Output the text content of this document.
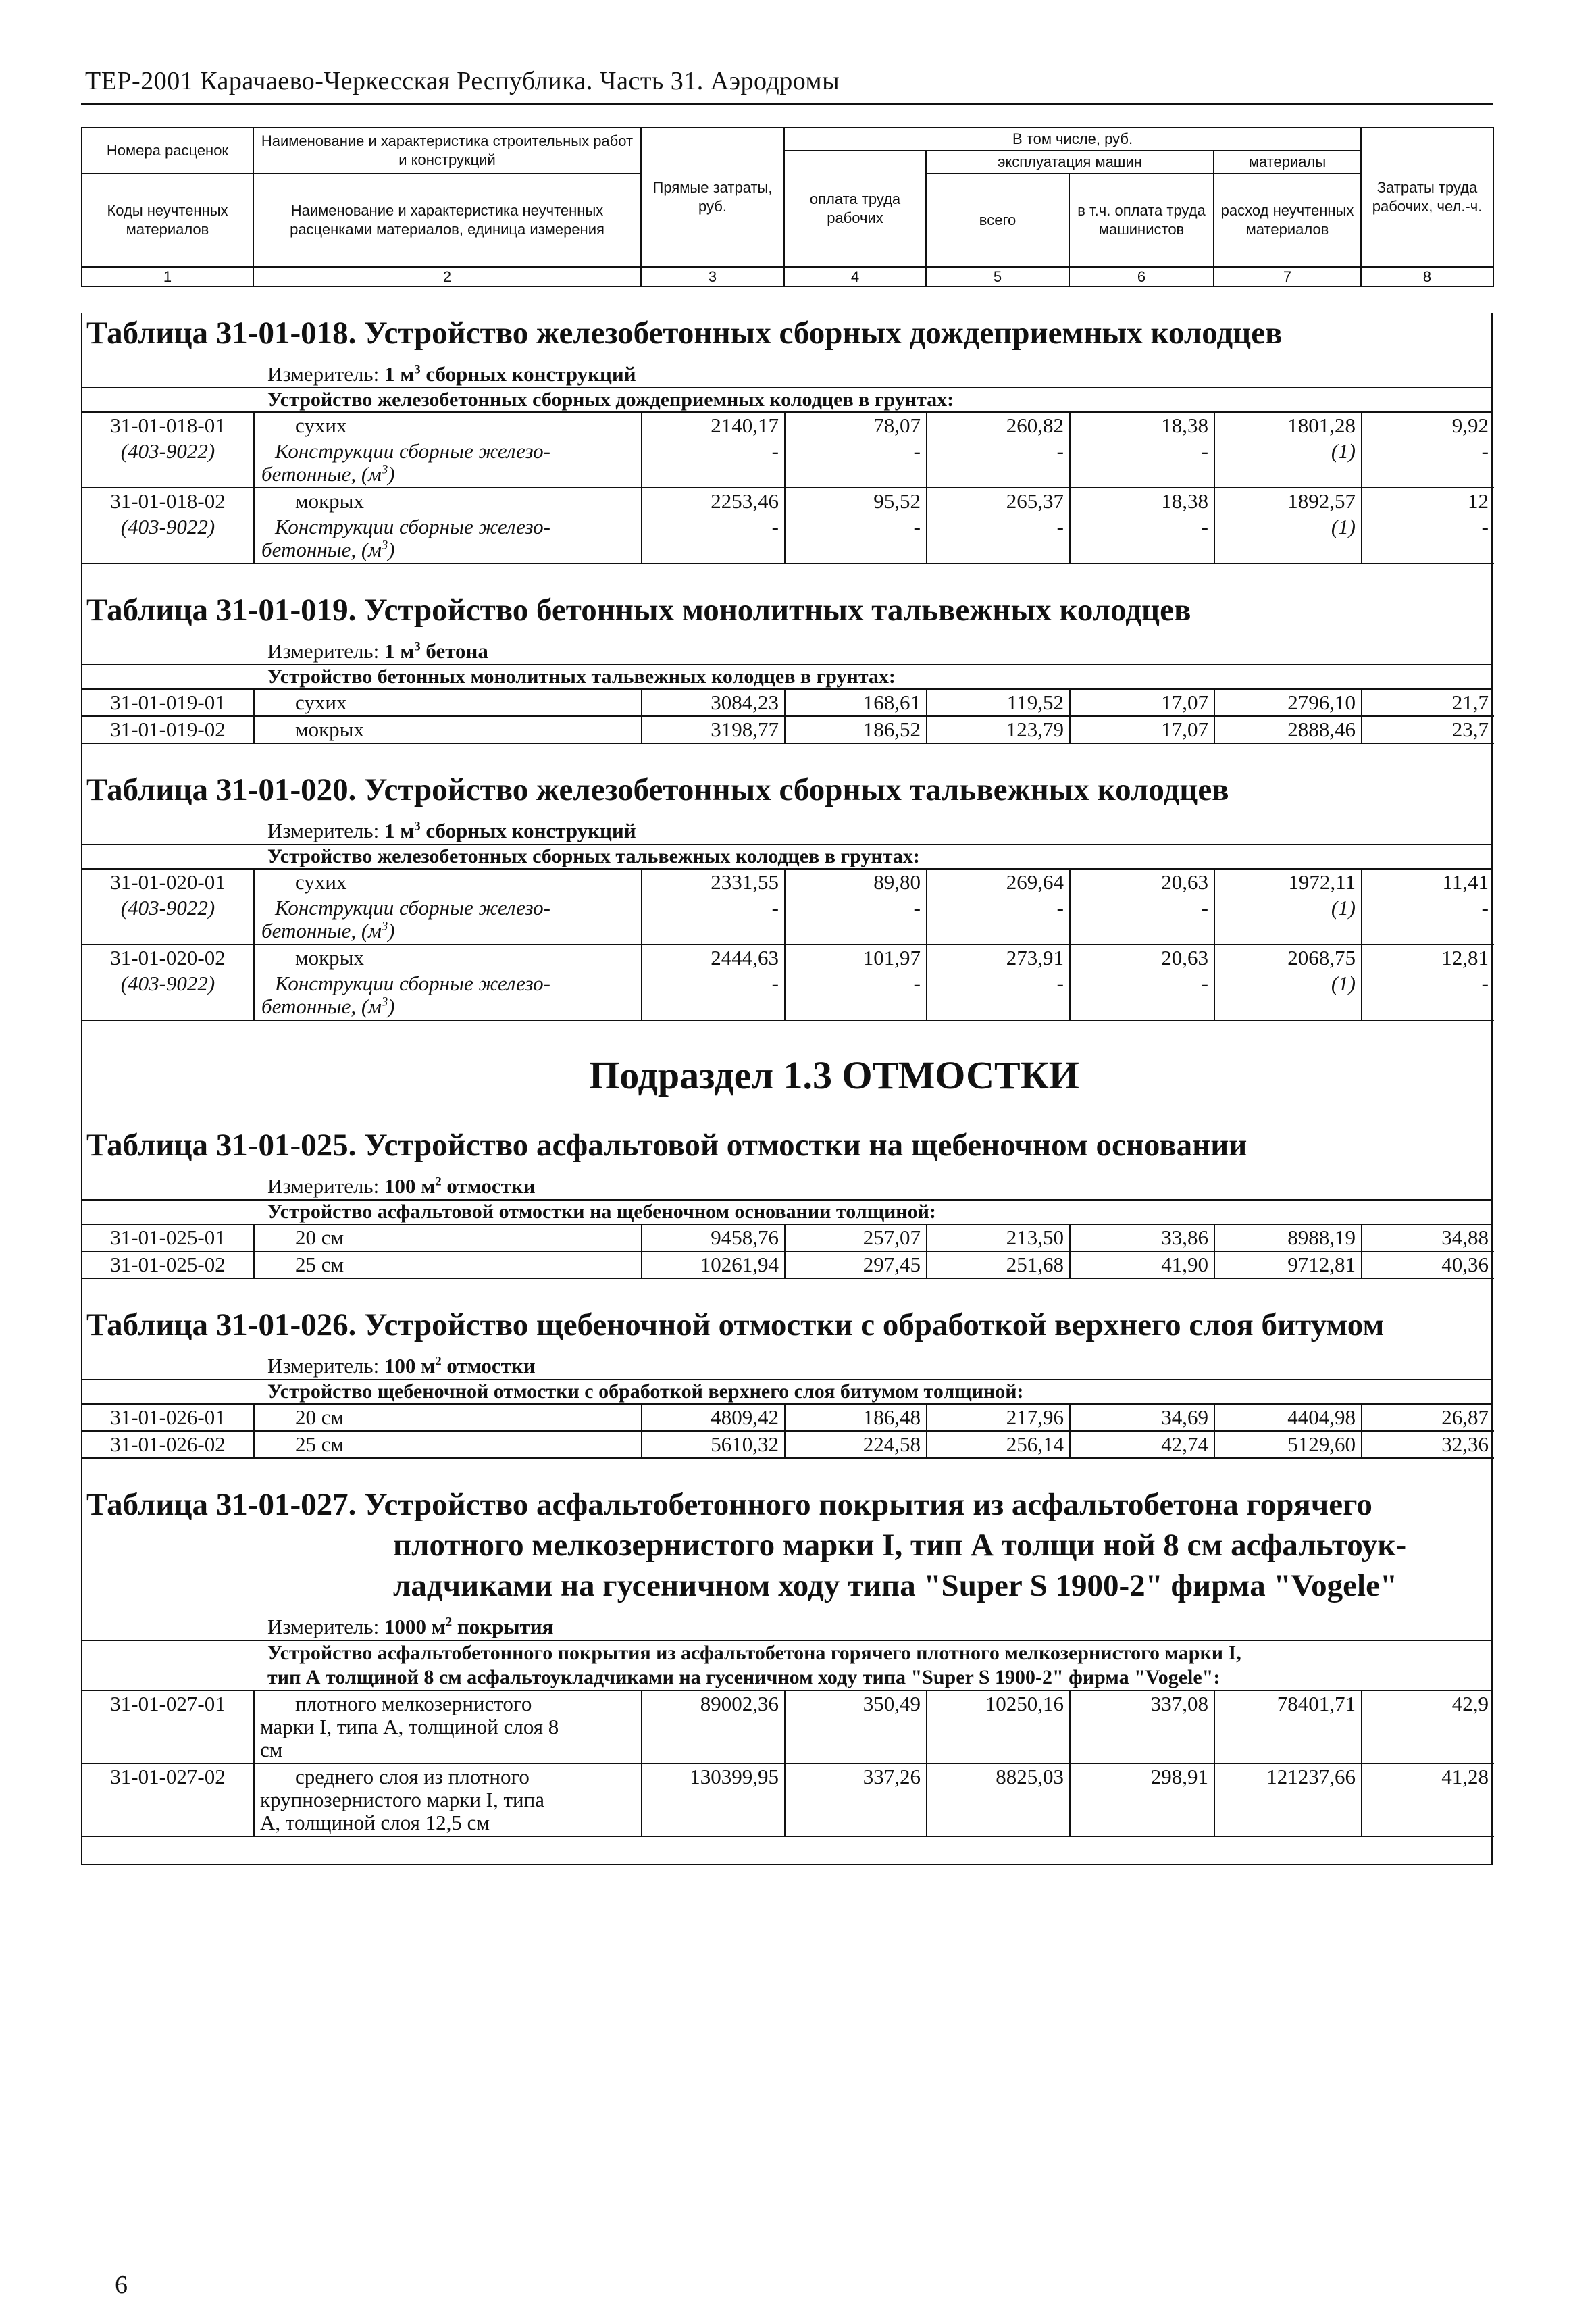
ТЕР-2001 Карачаево-Черкесская Республика. Часть 31. Аэродромы
Номера расценок	Наименование и характеристика строительных работ и конструкций	Прямые затраты, руб.	В том числе, руб.				Затраты труда рабочих, чел.-ч.
			оплата труда рабочих	эксплуатация машин		материалы	
Коды неучтенных материалов	Наименование и характеристика неучтенных расценками материалов, единица измерения			всего	в т.ч. оплата труда машинистов	расход неучтенных материалов	

1	2	3	4	5	6	7	8
Таблица 31-01-018. Устройство железобетонных сборных дождеприемных колодцев
Измеритель: 1 $м^3$ сборных конструкций
Устройство железобетонных сборных дождеприемных колодцев в грунтах:
31-01-018-01	сухих	2140,17	78,07	260,82	18,38	1801,28	9,92
(403-9022)	Конструкции сборные железо-
бетонные, $(м^3)$	-	-	-	-	(1)	-
31-01-018-02	мокрых	2253,46	95,52	265,37	18,38	1892,57	12
(403-9022)	Конструкции сборные железо-
бетонные, $(м^3)$	-	-	-	-	(1)	-
Таблица 31-01-019. Устройство бетонных монолитных тальвежных колодцев
Измеритель: 1 $м^3$ бетона
Устройство бетонных монолитных тальвежных колодцев в грунтах:
31-01-019-01	сухих	3084,23	168,61	119,52	17,07	2796,10	21,7
31-01-019-02	мокрых	3198,77	186,52	123,79	17,07	2888,46	23,7
Таблица 31-01-020. Устройство железобетонных сборных тальвежных колодцев
Измеритель: 1 $м^3$ сборных конструкций
Устройство железобетонных сборных тальвежных колодцев в грунтах:
31-01-020-01	сухих	2331,55	89,80	269,64	20,63	1972,11	11,41
(403-9022)	Конструкции сборные железо-
бетонные, $(м^3)$	-	-	-	-	(1)	-
31-01-020-02	мокрых	2444,63	101,97	273,91	20,63	2068,75	12,81
(403-9022)	Конструкции сборные железо-
бетонные, $(м^3)$	-	-	-	-	(1)	-
Подраздел 1.3 ОТМОСТКИ
Таблица 31-01-025. Устройство асфальтовой отмостки на щебеночном основании
Измеритель: 100 $м^2$ отмостки
Устройство асфальтовой отмостки на щебеночном основании толщиной:
31-01-025-01	20 см	9458,76	257,07	213,50	33,86	8988,19	34,88
31-01-025-02	25 см	10261,94	297,45	251,68	41,90	9712,81	40,36
Таблица 31-01-026. Устройство щебеночной отмостки с обработкой верхнего слоя битумом
Измеритель: 100 $м^2$ отмостки
Устройство щебеночной отмостки с обработкой верхнего слоя битумом толщиной:
31-01-026-01	20 см	4809,42	186,48	217,96	34,69	4404,98	26,87
31-01-026-02	25 см	5610,32	224,58	256,14	42,74	5129,60	32,36
Таблица 31-01-027. Устройство асфальтобетонного покрытия из асфальтобетона горячего
плотного мелкозернистого марки I, тип А толщи ной 8 см асфальтоук-
ладчиками на гусеничном ходу типа "Super S 1900-2" фирма "Vogele"
Измеритель: 1000 $м^2$ покрытия
Устройство асфальтобетонного покрытия из асфальтобетона горячего плотного мелкозернистого марки I,
тип А толщиной 8 см асфальтоукладчиками на гусеничном ходу типа "Super S 1900-2" фирма "Vogele":
31-01-027-01	плотного мелкозернистого
марки I, типа А, толщиной слоя 8
см	89002,36	350,49	10250,16	337,08	78401,71	42,9
31-01-027-02	среднего слоя из плотного
крупнозернистого марки I, типа
А, толщиной слоя 12,5 см	130399,95	337,26	8825,03	298,91	121237,66	41,28
6
